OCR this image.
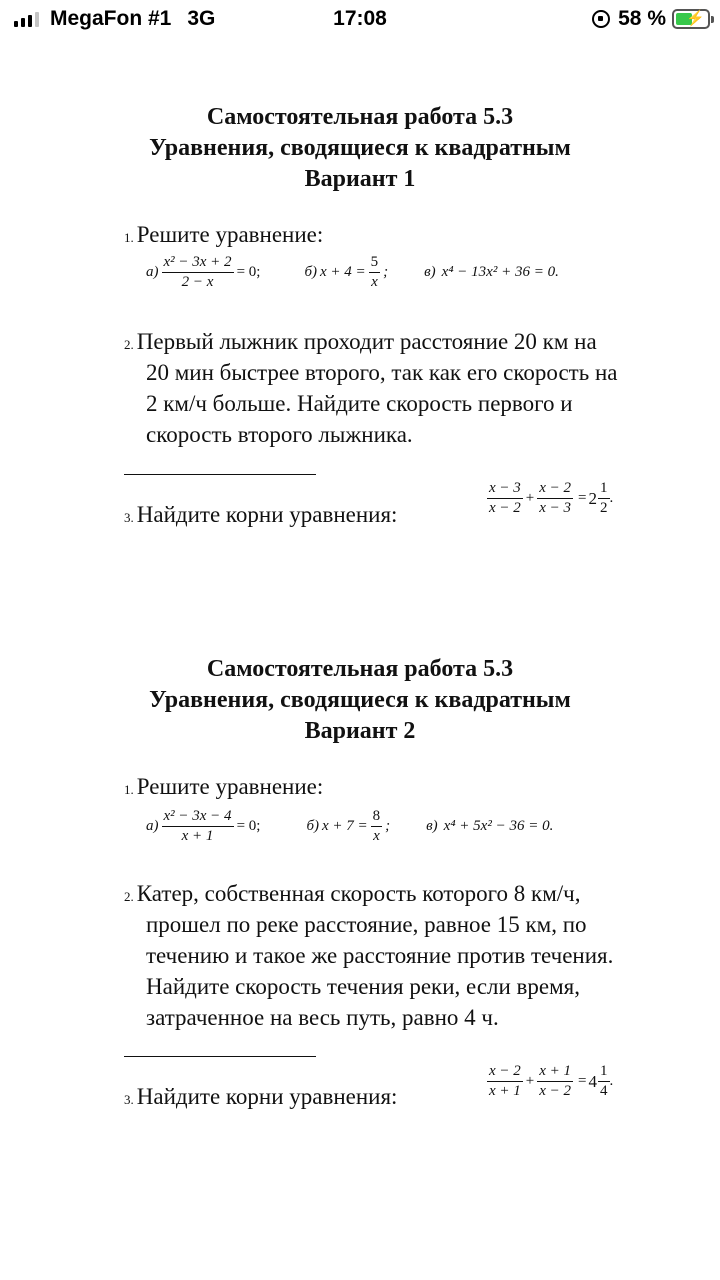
MegaFon #1 3G	17:08	58 % ⚡
Самостоятельная работа 5.3
Уравнения, сводящиеся к квадратным
Вариант 1
1. Решите уравнение:
$а) \frac{\text{x² − 3x + 2}}{2 - x} = 0$;	б) $x + 4 = \frac{5}{x}$ ; в) x⁴ − 13x² + 36 = 0.
2. Первый лыжник проходит расстояние 20 км на
20 мин быстрее второго, так как его скорость на
2 км/ч больше. Найдите скорость первого и
скорость второго лыжника.
3. Найдите корни уравнения:	$\frac{x - 3}{x - 2} + \frac{x - 2}{x - 3} = 2 \frac{1}{2}$ .
Самостоятельная работа 5.3
Уравнения, сводящиеся к квадратным
Вариант 2
1. Решите уравнение:
$а) \frac{\text{x² − 3x − 4}}{x + 1} = 0$;	б) $x + 7 = \frac{8}{x}$ ; в) x⁴ + 5x² − 36 = 0.
2. Катер, собственная скорость которого 8 км/ч,
прошел по реке расстояние, равное 15 км, по
течению и такое же расстояние против течения.
Найдите скорость течения реки, если время,
затраченное на весь путь, равно 4 ч.
3. Найдите корни уравнения:	$\frac{x - 2}{x + 1} + \frac{x + 1}{x - 2} = 4 \frac{1}{4}$ .
